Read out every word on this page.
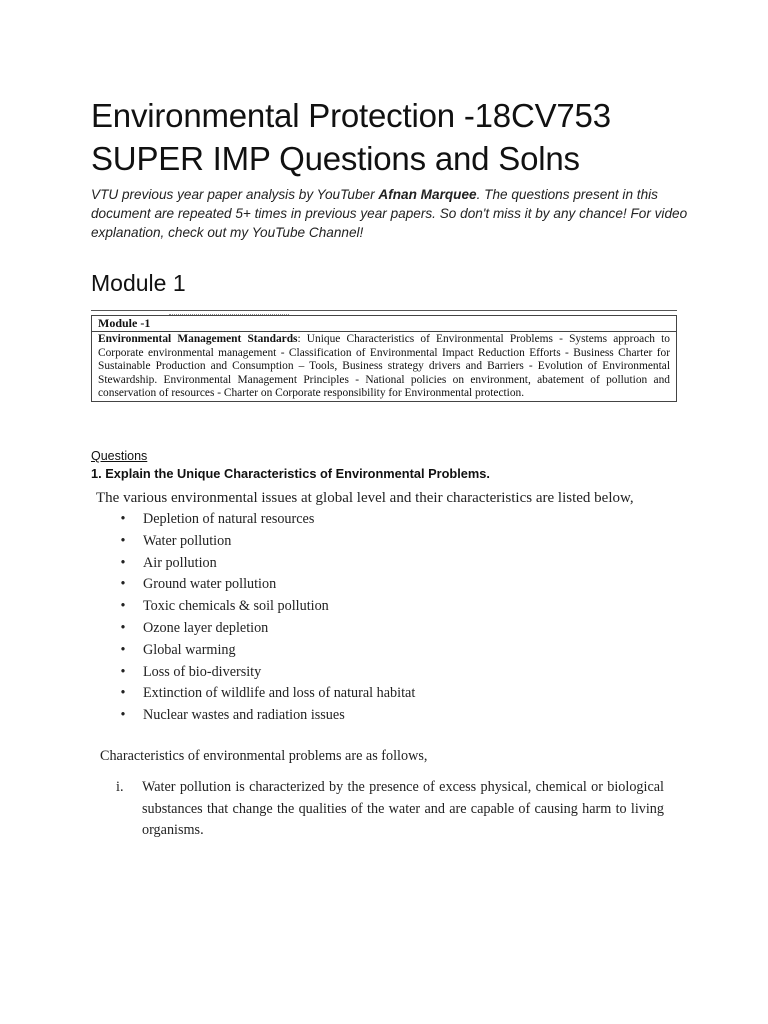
Environmental Protection -18CV753
SUPER IMP Questions and Solns

VTU previous year paper analysis by YouTuber Afnan Marquee. The questions present in this document are repeated 5+ times in previous year papers. So don't miss it by any chance! For video explanation, check out my YouTube Channel!

Module 1
Module -1
Environmental Management Standards: Unique Characteristics of Environmental Problems - Systems approach to Corporate environmental management - Classification of Environmental Impact Reduction Efforts - Business Charter for Sustainable Production and Consumption – Tools, Business strategy drivers and Barriers - Evolution of Environmental Stewardship. Environmental Management Principles - National policies on environment, abatement of pollution and conservation of resources - Charter on Corporate responsibility for Environmental protection.

Questions

1. Explain the Unique Characteristics of Environmental Problems.

The various environmental issues at global level and their characteristics are listed below,

• Depletion of natural resources
• Water pollution
• Air pollution
• Ground water pollution
• Toxic chemicals & soil pollution
• Ozone layer depletion
• Global warming
• Loss of bio-diversity
• Extinction of wildlife and loss of natural habitat
• Nuclear wastes and radiation issues

Characteristics of environmental problems are as follows,

i.	Water pollution is characterized by the presence of excess physical, chemical or biological substances that change the qualities of the water and are capable of causing harm to living organisms.
